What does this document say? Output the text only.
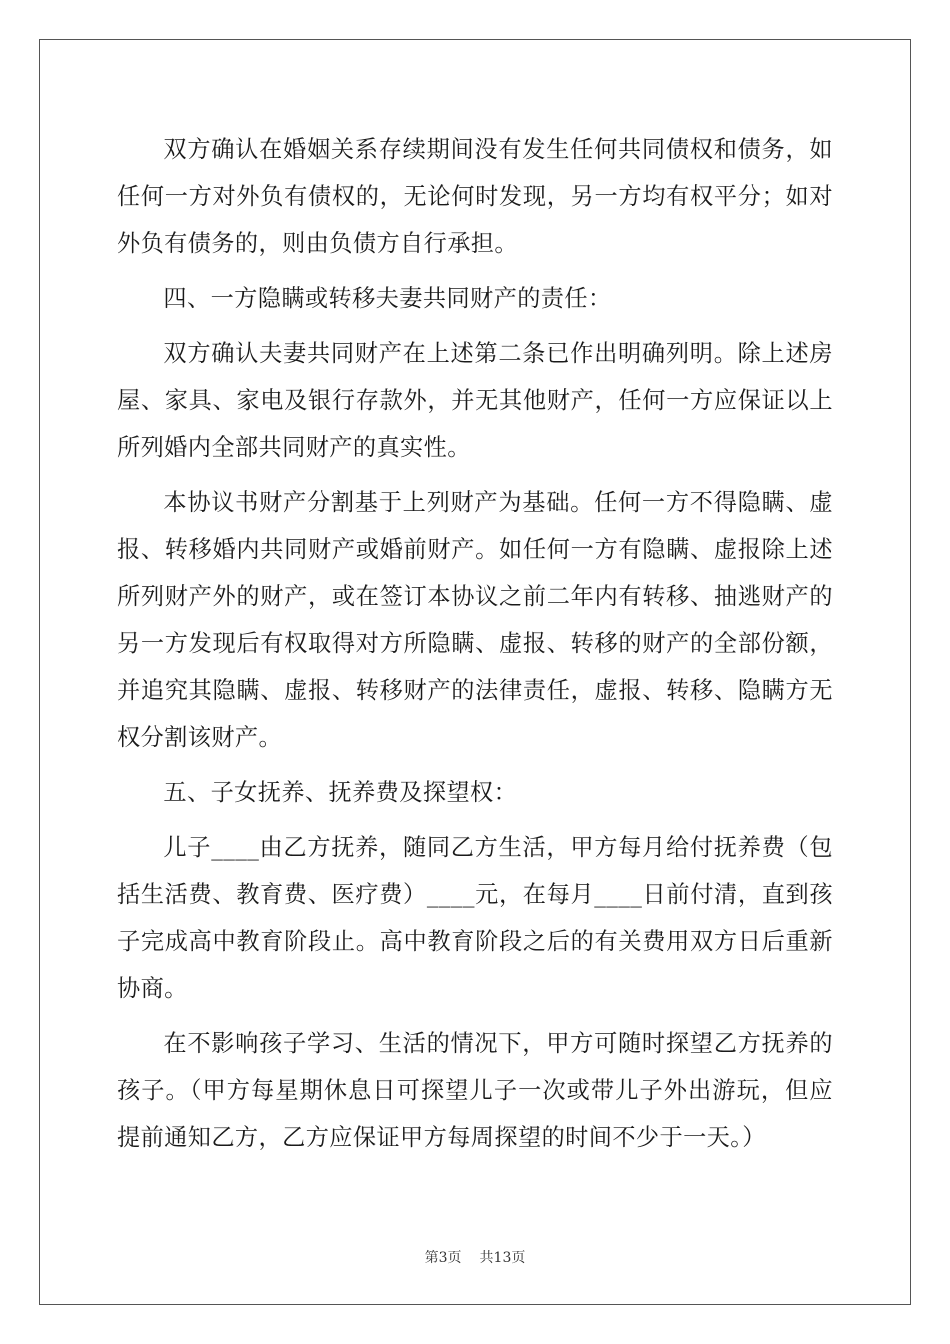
双方确认在婚姻关系存续期间没有发生任何共同债权和债务，如任何一方对外负有债权的，无论何时发现，另一方均有权平分；如对外负有债务的，则由负债方自行承担。

四、一方隐瞒或转移夫妻共同财产的责任：

双方确认夫妻共同财产在上述第二条已作出明确列明。除上述房屋、家具、家电及银行存款外，并无其他财产，任何一方应保证以上所列婚内全部共同财产的真实性。

本协议书财产分割基于上列财产为基础。任何一方不得隐瞒、虚报、转移婚内共同财产或婚前财产。如任何一方有隐瞒、虚报除上述所列财产外的财产，或在签订本协议之前二年内有转移、抽逃财产的另一方发现后有权取得对方所隐瞒、虚报、转移的财产的全部份额，并追究其隐瞒、虚报、转移财产的法律责任，虚报、转移、隐瞒方无权分割该财产。

五、子女抚养、抚养费及探望权：

儿子____由乙方抚养，随同乙方生活，甲方每月给付抚养费（包括生活费、教育费、医疗费）____元，在每月____日前付清，直到孩子完成高中教育阶段止。高中教育阶段之后的有关费用双方日后重新协商。

在不影响孩子学习、生活的情况下，甲方可随时探望乙方抚养的孩子。（甲方每星期休息日可探望儿子一次或带儿子外出游玩，但应提前通知乙方，乙方应保证甲方每周探望的时间不少于一天。）

第3页 共13页
